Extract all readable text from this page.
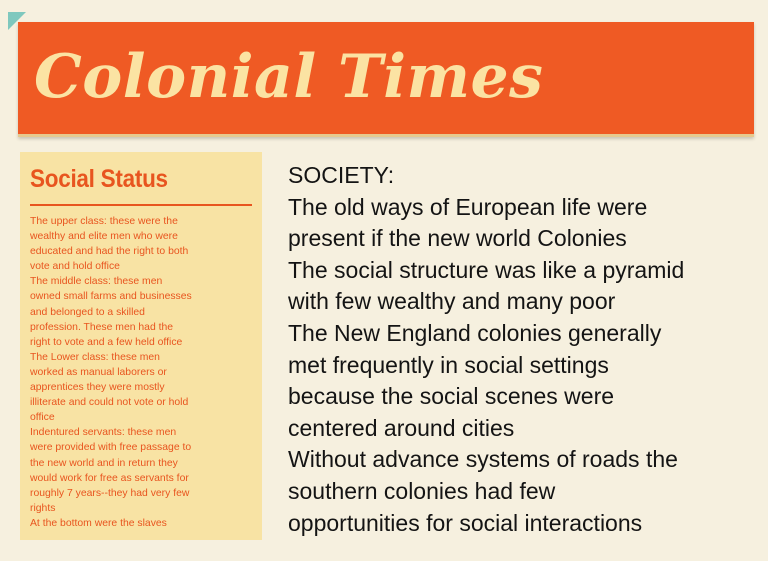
Colonial Times
Social Status
The upper class: these were the
wealthy and elite men who were
educated and had the right to both
vote and hold office
The middle class: these men
owned small farms and businesses
and belonged to a skilled
profession. These men had the
right to vote and a few held office
The Lower class: these men
worked as manual laborers or
apprentices they were mostly
illiterate and could not vote or hold
office
Indentured servants: these men
were provided with free passage to
the new world and in return they
would work for free as servants for
roughly 7 years--they had very few
rights
At the bottom were the slaves
SOCIETY:
The old ways of European life were
present if the new world Colonies
The social structure was like a pyramid
with few wealthy and many poor
The New England colonies generally
met frequently in social settings
because the social scenes were
centered around cities
Without advance systems of roads the
southern colonies had few
opportunities for social interactions
